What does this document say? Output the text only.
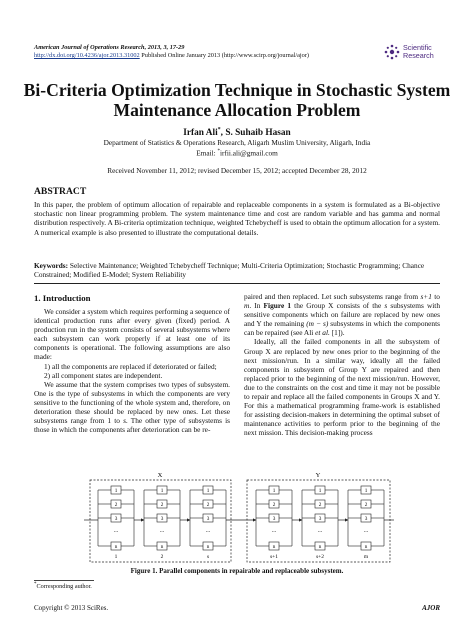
American Journal of Operations Research, 2013, 3, 17-29
http://dx.doi.org/10.4236/ajor.2013.31002 Published Online January 2013 (http://www.scirp.org/journal/ajor)
Scientific
Research
Bi-Criteria Optimization Technique in Stochastic System
Maintenance Allocation Problem
Irfan Ali*, S. Suhaib Hasan
Department of Statistics & Operations Research, Aligarh Muslim University, Aligarh, India
Email: *irfii.ali@gmail.com
Received November 11, 2012; revised December 15, 2012; accepted December 28, 2012
ABSTRACT
In this paper, the problem of optimum allocation of repairable and replaceable components in a system is formulated as a Bi-objective stochastic non linear programming problem. The system maintenance time and cost are random variable and has gamma and normal distribution respectively. A Bi-criteria optimization technique, weighted Tchebycheff is used to obtain the optimum allocation for a system. A numerical example is also presented to illustrate the computational details.
Keywords: Selective Maintenance; Weighted Tchebycheff Technique; Multi-Criteria Optimization; Stochastic Programming; Chance Constrained; Modified E-Model; System Reliability
1. Introduction

We consider a system which requires performing a sequence of identical production runs after every given (fixed) period. A production run in the system consists of several subsystems where each subsystem can work properly if at least one of its components is operational. The following assumptions are also made:

1) all the components are replaced if deteriorated or failed;

2) all component states are independent.

We assume that the system comprises two types of subsystem. One is the type of subsystems in which the components are very sensitive to the functioning of the whole system and, therefore, on deterioration these should be replaced by new ones. Let these subsystems range from 1 to s. The other type of subsystems is those in which the components after deterioration can be re-

paired and then replaced. Let such subsystems range from s+1 to m. In Figure 1 the Group X consists of the s subsystems with sensitive components which on failure are replaced by new ones and Y the remaining (m − s) subsystems in which the components can be repaired (see Ali et al. [1]).

Ideally, all the failed components in all the subsystem of Group X are replaced by new ones prior to the beginning of the next mission/run. In a similar way, ideally all the failed components in subsystem of Group Y are repaired and then replaced prior to the beginning of the next mission/run. However, due to the constraints on the cost and time it may not be possible to repair and replace all the failed components in Groups X and Y. For this a mathematical programming frame-work is established for assisting decision-makers in determining the optimal subset of maintenance activities to perform prior to the beginning of the next mission. This decision-making process

X	Y
1
2
3
n
...
1
1
2
3
n
...
2
1
2
3
n
...
s
1
2
3
n
...
s+1
1
2
3
n
...
s+2
1
2
3
n
...
m
Figure 1. Parallel components in repairable and replaceable subsystem.
*Corresponding author.
Copyright © 2013 SciRes.	AJOR
